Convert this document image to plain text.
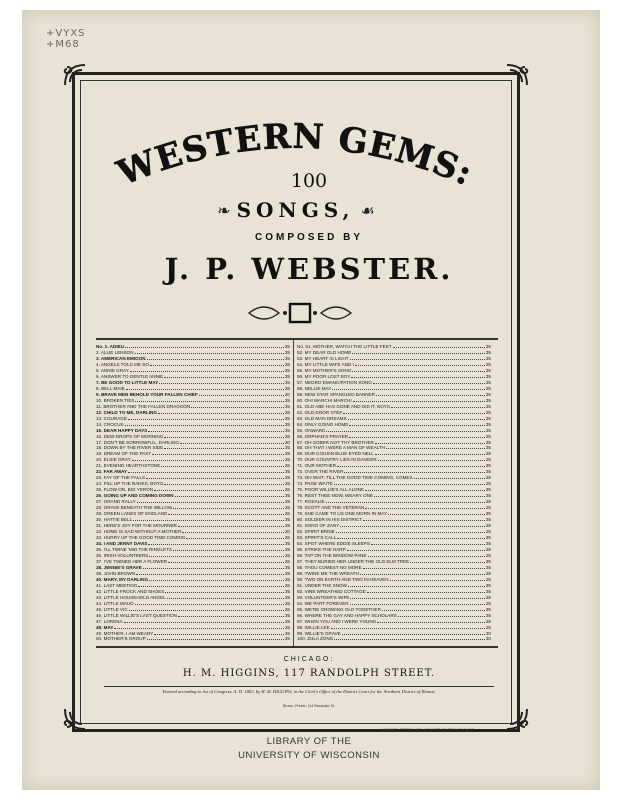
+VYXS
+M68
WESTERN GEMS:
100
❧ SONGS, ☙
COMPOSED BY
J. P. WEBSTER.
No. 1. ADIEU	35
2. ALLIE LENSON	35
3. AMERICAN EMIGON	35
4. ANGELS TOLD ME SO	35
5. ANNIE GRAY	35
6. ANSWER TO GENTLE ANNIE	35
7. BE GOOD TO LITTLE MAY	35
8. BELL MAIE	35
9. BRAVE MEN BEHOLD YOUR FALLEN CHIEF	30
10. BROKEN TIES	35
11. BROTHER AND THE FALLEN DRAGOON	35
12. CHILD TO ME, DARLING	35
13. COURAGE	35
14. CROCUS	35
15. DEAR HAPPY DAYS	35
16. DEW-DROPS OF MORNING	35
17. DON'T BE SORROWFUL, DARLING	30
18. DOWN BY THE RIVER SIDE	35
19. DREAM OF THE PAST	35
20. ELSIE GRAY	35
21. EVENING HEARTHSTONE	35
22. FAR AWAY	35
23. FAY OF THE FALLS	35
24. FILL UP THE RANKS, BOYS	35
25. FLOW ON, BIG YERON	35
26. GOING UP AND COMING DOWN	35
27. GRAND RALLY	35
28. GRAVE BENEATH THE WILLOW	35
29. GREEN LANES OF ENGLAND	35
30. HATTIE BELL	35
31. HERE'S JOY FOR THE MOURNER	35
32. HOME IS SAD WITHOUT A MOTHER	30
33. HURRY UP THE GOOD TIME COMING	35
34. I AND JENNY DAVIS	35
35. I'LL TWINE 'MID THE RINGLETS	35
36. IRISH VOLUNTEERS	35
37. I'VE TWINED HER A FLOWER	35
38. JENNIE'S GRAVE	35
39. JOHN BROWN	35
40. MARY, MY DARLING	35
41. LAST MEETING	35
42. LITTLE FROCK AND SHOES	35
43. LITTLE HOUSEHOLD ANGEL	35
44. LITTLE MAUD	35
45. LITTLE VIC	35
46. LITTLE WILLIE'S LAST QUESTION	35
47. LORENA	35
48. MAY	35
49. MOTHER, I AM WEARY	35
50. MOTHER'S GROUP	35
No. 51. MOTHER, WATCH THE LITTLE FEET	35
52. MY DEAR OLD HOME	35
53. MY HEART IS LIGHT	35
54. MY LITTLE WIFE AND I	35
55. MY MOTHER'S SONG	35
56. MY POOR LOST BOY	35
57. NEGRO EMANCIPATION SONG	35
58. NELLIE MAY	35
59. NEW STAR SPANGLED BANNER	35
60. OH! MARCH! MARCH!	35
61. OLD ABE HAS GONE AND DID IT, BOYS	35
62. OLD DOOR STEP	35
63. OLD MAN DREAMS	35
64. ONLY GOING HOME	35
65. ONWARD	35
66. ORPHAN'S PRAYER	35
67. OH SOBER NOT THY BROTHER	35
68. OH THAT I WERE A MAN OF WEALTH	35
69. OUR COUSIN BLUE EYED NELL	35
70. OUR COUNTRY LIES IN DANGER	35
71. OUR MOTHER	35
72. OVER THE RIVER	35
73. OH WAIT, TILL THE GOOD TIME COMING, COMES	35
74. PAGE WAITE	35
75. POOR WILLIE'S ALL ALONE	35
76. REST THEE NOW, WEARY ONE	35
77. ROSALIE	35
78. SCOTT AND THE VETERAN	35
79. SHE CAME TO US ONE MORN IN MAY	35
80. SOLDIER IN HIS DISTRICT	35
81. SONG OF ZANY	35
82. SPIRIT BRIDE	35
83. SPIRIT'S CALL	35
84. SPOT WHERE EDDIE SLEEPS	35
85. STRIKE THE HARP	35
86. TAP ON THE WINDOW PANE	35
87. THEY BURIED HER UNDER THE OLD ELM TREE	35
88. THOU COMEST NO MORE	35
89. TWINE ME THE WREATH	35
90. TWO ON EARTH AND TWO IN HEAVEN	35
91. UNDER THE SNOW	35
92. VINE WREATHED COTTAGE	35
93. VOLUNTEER'S WIFE	35
94. WE PART FOREVER	35
95. WE'RE GROWING OLD TOGETHER	35
96. WHERE THE GAY AND HAPPY SCHOLARS	35
97. WHEN YOU AND I WERE YOUNG	35
98. WILLIE LEE	35
99. WILLIE'S GRAVE	30
100. ZULA ZONG	30
CHICAGO:
H. M. HIGGINS, 117 RANDOLPH STREET.
Entered according to Act of Congress, A. D. 1863, by H. M. HIGGINS, in the Clerk's Office of the District Court for the Northern District of Illinois.
Brown, Printer, 114 Randolph St.
LUMBARD, TOPPE & CO., LITHOGRAPHERS, CHICAGO.
LIBRARY OF THE
UNIVERSITY OF WISCONSIN
